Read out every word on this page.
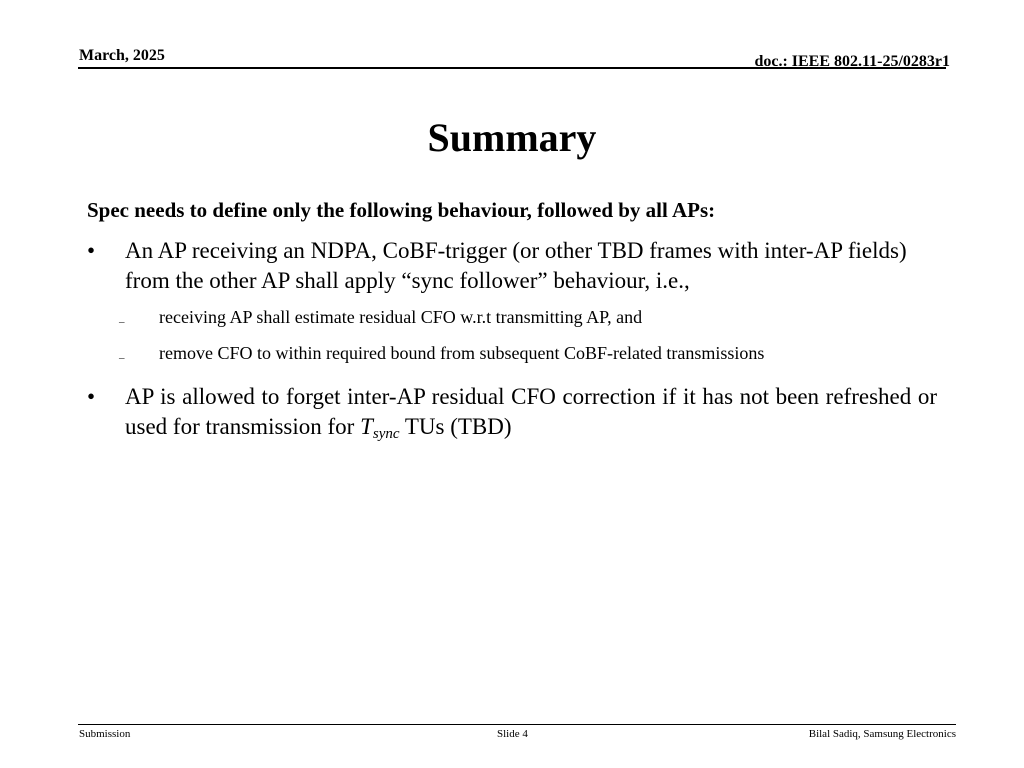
March, 2025	doc.: IEEE 802.11-25/0283r1
Summary

Spec needs to define only the following behaviour, followed by all APs:

• An AP receiving an NDPA, CoBF-trigger (or other TBD frames with inter-AP fields) from the other AP shall apply “sync follower” behaviour, i.e.,
– receiving AP shall estimate residual CFO w.r.t transmitting AP, and
– remove CFO to within required bound from subsequent CoBF-related transmissions
• AP is allowed to forget inter-AP residual CFO correction if it has not been refreshed or used for transmission for $T_{sync}$ TUs (TBD)
Submission	Slide 4	Bilal Sadiq, Samsung Electronics
